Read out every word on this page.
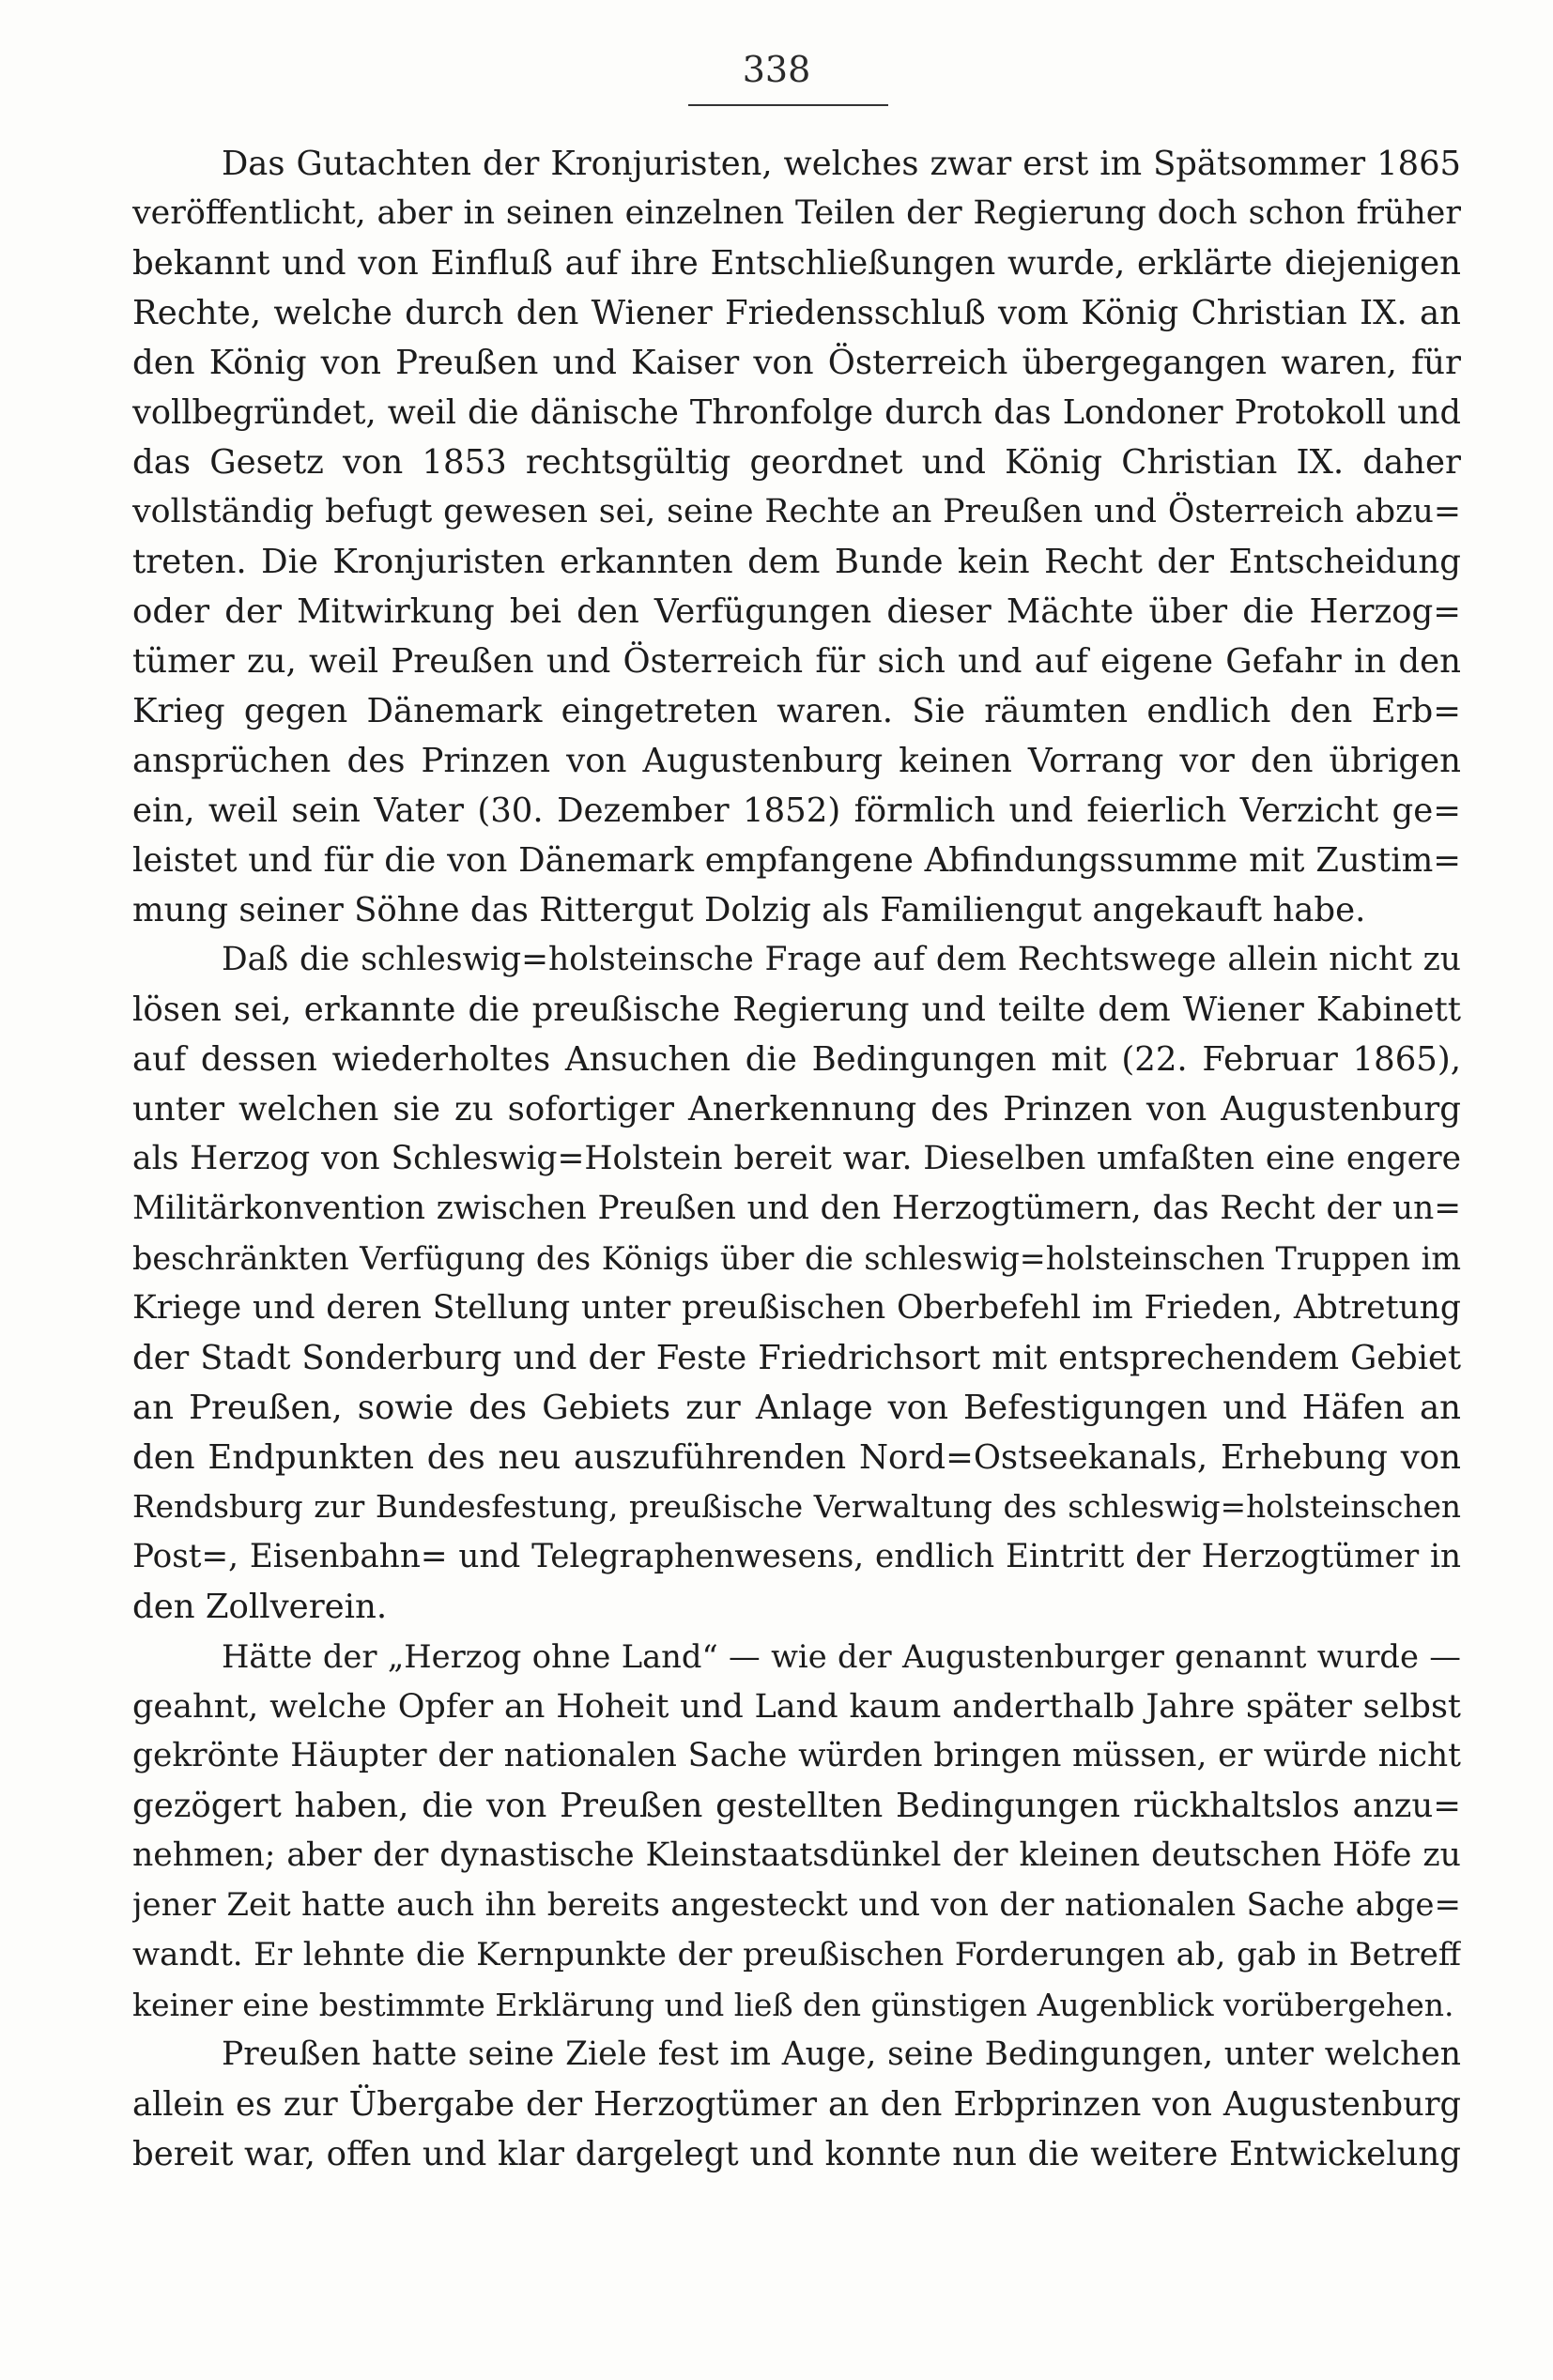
338
Das Gutachten der Kronjuristen, welches zwar erst im Spätsommer 1865
veröffentlicht, aber in seinen einzelnen Teilen der Regierung doch schon früher
bekannt und von Einfluß auf ihre Entschließungen wurde, erklärte diejenigen
Rechte, welche durch den Wiener Friedensschluß vom König Christian IX. an
den König von Preußen und Kaiser von Österreich übergegangen waren, für
vollbegründet, weil die dänische Thronfolge durch das Londoner Protokoll und
das Gesetz von 1853 rechtsgültig geordnet und König Christian IX. daher
vollständig befugt gewesen sei, seine Rechte an Preußen und Österreich abzu=
treten. Die Kronjuristen erkannten dem Bunde kein Recht der Entscheidung
oder der Mitwirkung bei den Verfügungen dieser Mächte über die Herzog=
tümer zu, weil Preußen und Österreich für sich und auf eigene Gefahr in den
Krieg gegen Dänemark eingetreten waren. Sie räumten endlich den Erb=
ansprüchen des Prinzen von Augustenburg keinen Vorrang vor den übrigen
ein, weil sein Vater (30. Dezember 1852) förmlich und feierlich Verzicht ge=
leistet und für die von Dänemark empfangene Abfindungssumme mit Zustim=
mung seiner Söhne das Rittergut Dolzig als Familiengut angekauft habe.
Daß die schleswig=holsteinsche Frage auf dem Rechtswege allein nicht zu
lösen sei, erkannte die preußische Regierung und teilte dem Wiener Kabinett
auf dessen wiederholtes Ansuchen die Bedingungen mit (22. Februar 1865),
unter welchen sie zu sofortiger Anerkennung des Prinzen von Augustenburg
als Herzog von Schleswig=Holstein bereit war. Dieselben umfaßten eine engere
Militärkonvention zwischen Preußen und den Herzogtümern, das Recht der un=
beschränkten Verfügung des Königs über die schleswig=holsteinschen Truppen im
Kriege und deren Stellung unter preußischen Oberbefehl im Frieden, Abtretung
der Stadt Sonderburg und der Feste Friedrichsort mit entsprechendem Gebiet
an Preußen, sowie des Gebiets zur Anlage von Befestigungen und Häfen an
den Endpunkten des neu auszuführenden Nord=Ostseekanals, Erhebung von
Rendsburg zur Bundesfestung, preußische Verwaltung des schleswig=holsteinschen
Post=, Eisenbahn= und Telegraphenwesens, endlich Eintritt der Herzogtümer in
den Zollverein.
Hätte der „Herzog ohne Land“ — wie der Augustenburger genannt wurde —
geahnt, welche Opfer an Hoheit und Land kaum anderthalb Jahre später selbst
gekrönte Häupter der nationalen Sache würden bringen müssen, er würde nicht
gezögert haben, die von Preußen gestellten Bedingungen rückhaltslos anzu=
nehmen; aber der dynastische Kleinstaatsdünkel der kleinen deutschen Höfe zu
jener Zeit hatte auch ihn bereits angesteckt und von der nationalen Sache abge=
wandt. Er lehnte die Kernpunkte der preußischen Forderungen ab, gab in Betreff
keiner eine bestimmte Erklärung und ließ den günstigen Augenblick vorübergehen.
Preußen hatte seine Ziele fest im Auge, seine Bedingungen, unter welchen
allein es zur Übergabe der Herzogtümer an den Erbprinzen von Augustenburg
bereit war, offen und klar dargelegt und konnte nun die weitere Entwickelung
